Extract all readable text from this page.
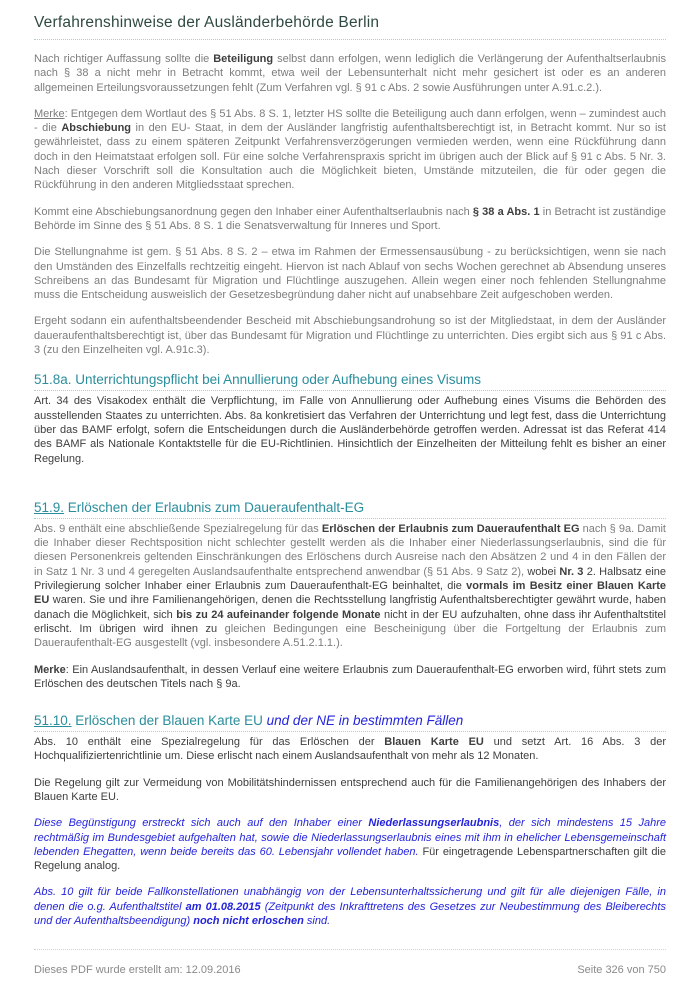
Verfahrenshinweise der Ausländerbehörde Berlin

Nach richtiger Auffassung sollte die Beteiligung selbst dann erfolgen, wenn lediglich die Verlängerung der Aufenthaltserlaubnis nach § 38 a nicht mehr in Betracht kommt, etwa weil der Lebensunterhalt nicht mehr gesichert ist oder es an anderen allgemeinen Erteilungsvoraussetzungen fehlt (Zum Verfahren vgl. § 91 c Abs. 2 sowie Ausführungen unter A.91.c.2.).

Merke: Entgegen dem Wortlaut des § 51 Abs. 8 S. 1, letzter HS sollte die Beteiligung auch dann erfolgen, wenn – zumindest auch - die Abschiebung in den EU- Staat, in dem der Ausländer langfristig aufenthaltsberechtigt ist, in Betracht kommt. Nur so ist gewährleistet, dass zu einem späteren Zeitpunkt Verfahrensverzögerungen vermieden werden, wenn eine Rückführung dann doch in den Heimatstaat erfolgen soll. Für eine solche Verfahrenspraxis spricht im übrigen auch der Blick auf § 91 c Abs. 5 Nr. 3. Nach dieser Vorschrift soll die Konsultation auch die Möglichkeit bieten, Umstände mitzuteilen, die für oder gegen die Rückführung in den anderen Mitgliedsstaat sprechen.

Kommt eine Abschiebungsanordnung gegen den Inhaber einer Aufenthaltserlaubnis nach § 38 a Abs. 1 in Betracht ist zuständige Behörde im Sinne des § 51 Abs. 8 S. 1 die Senatsverwaltung für Inneres und Sport.

Die Stellungnahme ist gem. § 51 Abs. 8 S. 2 – etwa im Rahmen der Ermessensausübung - zu berücksichtigen, wenn sie nach den Umständen des Einzelfalls rechtzeitig eingeht. Hiervon ist nach Ablauf von sechs Wochen gerechnet ab Absendung unseres Schreibens an das Bundesamt für Migration und Flüchtlinge auszugehen. Allein wegen einer noch fehlenden Stellungnahme muss die Entscheidung ausweislich der Gesetzesbegründung daher nicht auf unabsehbare Zeit aufgeschoben werden.

Ergeht sodann ein aufenthaltsbeendender Bescheid mit Abschiebungsandrohung so ist der Mitgliedstaat, in dem der Ausländer daueraufenthaltsberechtigt ist, über das Bundesamt für Migration und Flüchtlinge zu unterrichten. Dies ergibt sich aus § 91 c Abs. 3 (zu den Einzelheiten vgl. A.91c.3).

51.8a. Unterrichtungspflicht bei Annullierung oder Aufhebung eines Visums

Art. 34 des Visakodex enthält die Verpflichtung, im Falle von Annullierung oder Aufhebung eines Visums die Behörden des ausstellenden Staates zu unterrichten. Abs. 8a konkretisiert das Verfahren der Unterrichtung und legt fest, dass die Unterrichtung über das BAMF erfolgt, sofern die Entscheidungen durch die Ausländerbehörde getroffen werden. Adressat ist das Referat 414 des BAMF als Nationale Kontaktstelle für die EU-Richtlinien. Hinsichtlich der Einzelheiten der Mitteilung fehlt es bisher an einer Regelung.

51.9. Erlöschen der Erlaubnis zum Daueraufenthalt-EG

Abs. 9 enthält eine abschließende Spezialregelung für das Erlöschen der Erlaubnis zum Daueraufenthalt EG nach § 9a. Damit die Inhaber dieser Rechtsposition nicht schlechter gestellt werden als die Inhaber einer Niederlassungserlaubnis, sind die für diesen Personenkreis geltenden Einschränkungen des Erlöschens durch Ausreise nach den Absätzen 2 und 4 in den Fällen der in Satz 1 Nr. 3 und 4 geregelten Auslandsaufenthalte entsprechend anwendbar (§ 51 Abs. 9 Satz 2), wobei Nr. 3 2. Halbsatz eine Privilegierung solcher Inhaber einer Erlaubnis zum Daueraufenthalt-EG beinhaltet, die vormals im Besitz einer Blauen Karte EU waren. Sie und ihre Familienangehörigen, denen die Rechtsstellung langfristig Aufenthaltsberechtigter gewährt wurde, haben danach die Möglichkeit, sich bis zu 24 aufeinander folgende Monate nicht in der EU aufzuhalten, ohne dass ihr Aufenthaltstitel erlischt. Im übrigen wird ihnen zu gleichen Bedingungen eine Bescheinigung über die Fortgeltung der Erlaubnis zum Daueraufenthalt-EG ausgestellt (vgl. insbesondere A.51.2.1.1.).

Merke: Ein Auslandsaufenthalt, in dessen Verlauf eine weitere Erlaubnis zum Daueraufenthalt-EG erworben wird, führt stets zum Erlöschen des deutschen Titels nach § 9a.

51.10. Erlöschen der Blauen Karte EU und der NE in bestimmten Fällen

Abs. 10 enthält eine Spezialregelung für das Erlöschen der Blauen Karte EU und setzt Art. 16 Abs. 3 der Hochqualifiziertenrichtlinie um. Diese erlischt nach einem Auslandsaufenthalt von mehr als 12 Monaten.

Die Regelung gilt zur Vermeidung von Mobilitätshindernissen entsprechend auch für die Familienangehörigen des Inhabers der Blauen Karte EU.

Diese Begünstigung erstreckt sich auch auf den Inhaber einer Niederlassungserlaubnis, der sich mindestens 15 Jahre rechtmäßig im Bundesgebiet aufgehalten hat, sowie die Niederlassungserlaubnis eines mit ihm in ehelicher Lebensgemeinschaft lebenden Ehegatten, wenn beide bereits das 60. Lebensjahr vollendet haben. Für eingetragende Lebenspartnerschaften gilt die Regelung analog.

Abs. 10 gilt für beide Fallkonstellationen unabhängig von der Lebensunterhaltssicherung und gilt für alle diejenigen Fälle, in denen die o.g. Aufenthaltstitel am 01.08.2015 (Zeitpunkt des Inkrafttretens des Gesetzes zur Neubestimmung des Bleiberechts und der Aufenthaltsbeendigung) noch nicht erloschen sind.

Dieses PDF wurde erstellt am: 12.09.2016	Seite 326 von 750
